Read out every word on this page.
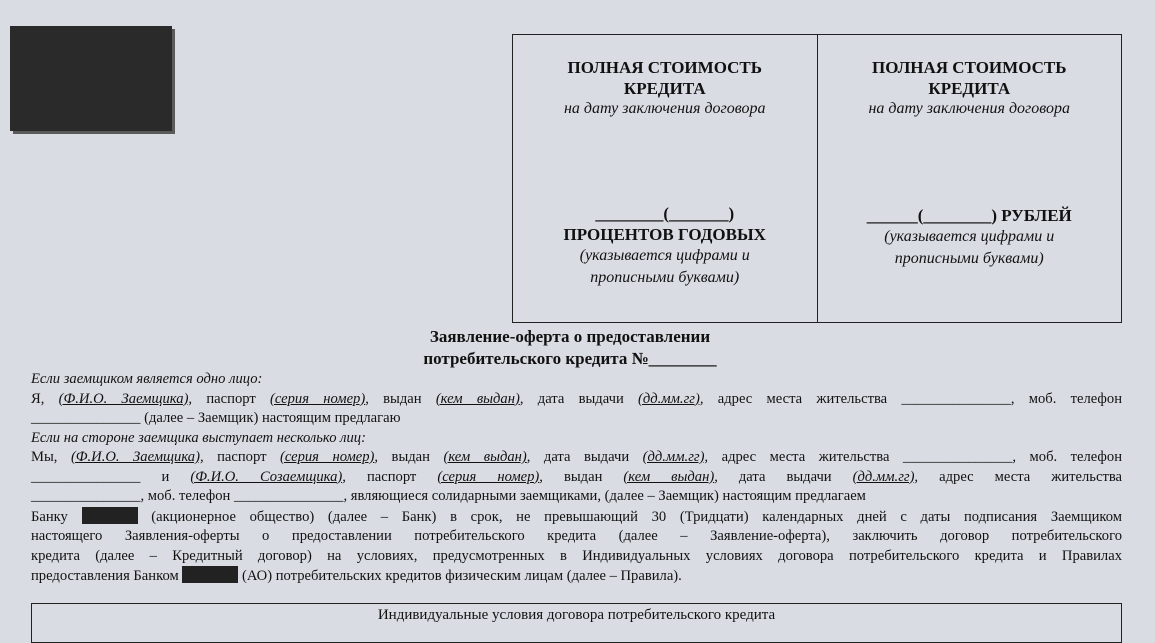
ПОЛНАЯ СТОИМОСТЬ
КРЕДИТА
на дату заключения договора
________(_______)
ПРОЦЕНТОВ ГОДОВЫХ
(указывается цифрами и
прописными буквами)
ПОЛНАЯ СТОИМОСТЬ
КРЕДИТА
на дату заключения договора
______(________) РУБЛЕЙ
(указывается цифрами и
прописными буквами)
Заявление-оферта о предоставлении
потребительского кредита №________
Если заемщиком является одно лицо:
Я, (Ф.И.О. Заемщика), паспорт (серия номер), выдан (кем выдан), дата выдачи (дд.мм.гг), адрес места жительства _______________, моб. телефон
_______________ (далее – Заемщик) настоящим предлагаю
Если на стороне заемщика выступает несколько лиц:
Мы, (Ф.И.О. Заемщика), паспорт (серия номер), выдан (кем выдан), дата выдачи (дд.мм.гг), адрес места жительства _______________, моб. телефон
_______________ и (Ф.И.О. Созаемщика), паспорт (серия номер), выдан (кем выдан), дата выдачи (дд.мм.гг), адрес места жительства
_______________, моб. телефон _______________, являющиеся солидарными заемщиками, (далее – Заемщик) настоящим предлагаем
Банку	(акционерное общество) (далее – Банк) в срок, не превышающий 30 (Тридцати) календарных дней с даты подписания Заемщиком
настоящего Заявления-оферты о предоставлении потребительского кредита (далее – Заявление-оферта), заключить договор потребительского
кредита (далее – Кредитный договор) на условиях, предусмотренных в Индивидуальных условиях договора потребительского кредита и Правилах
предоставления Банком	(АО) потребительских кредитов физическим лицам (далее – Правила).
Индивидуальные условия договора потребительского кредита
